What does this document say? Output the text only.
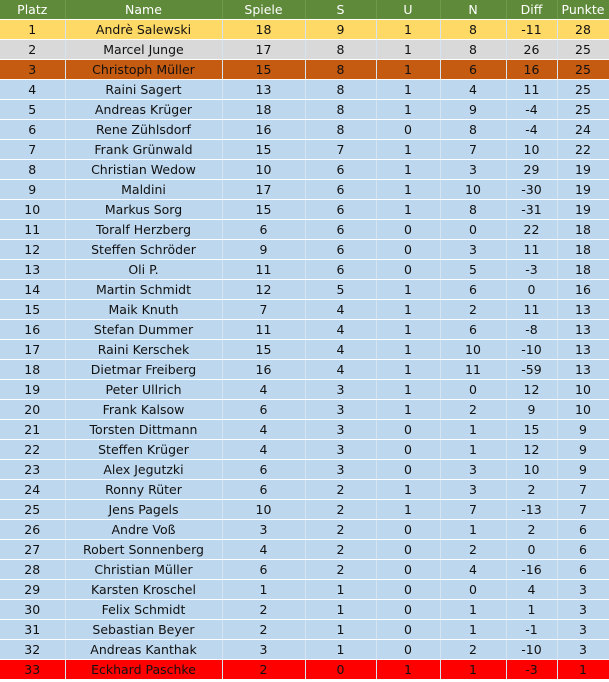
Platz	Name	Spiele	S	U	N	Diff	Punkte
1	Andrè Salewski	18	9	1	8	-11	28
2	Marcel Junge	17	8	1	8	26	25
3	Christoph Müller	15	8	1	6	16	25
4	Raini Sagert	13	8	1	4	11	25
5	Andreas Krüger	18	8	1	9	-4	25
6	Rene Zühlsdorf	16	8	0	8	-4	24
7	Frank Grünwald	15	7	1	7	10	22
8	Christian Wedow	10	6	1	3	29	19
9	Maldini	17	6	1	10	-30	19
10	Markus Sorg	15	6	1	8	-31	19
11	Toralf Herzberg	6	6	0	0	22	18
12	Steffen Schröder	9	6	0	3	11	18
13	Oli P.	11	6	0	5	-3	18
14	Martin Schmidt	12	5	1	6	0	16
15	Maik Knuth	7	4	1	2	11	13
16	Stefan Dummer	11	4	1	6	-8	13
17	Raini Kerschek	15	4	1	10	-10	13
18	Dietmar Freiberg	16	4	1	11	-59	13
19	Peter Ullrich	4	3	1	0	12	10
20	Frank Kalsow	6	3	1	2	9	10
21	Torsten Dittmann	4	3	0	1	15	9
22	Steffen Krüger	4	3	0	1	12	9
23	Alex Jegutzki	6	3	0	3	10	9
24	Ronny Rüter	6	2	1	3	2	7
25	Jens Pagels	10	2	1	7	-13	7
26	Andre Voß	3	2	0	1	2	6
27	Robert Sonnenberg	4	2	0	2	0	6
28	Christian Müller	6	2	0	4	-16	6
29	Karsten Kroschel	1	1	0	0	4	3
30	Felix Schmidt	2	1	0	1	1	3
31	Sebastian Beyer	2	1	0	1	-1	3
32	Andreas Kanthak	3	1	0	2	-10	3
33	Eckhard Paschke	2	0	1	1	-3	1
